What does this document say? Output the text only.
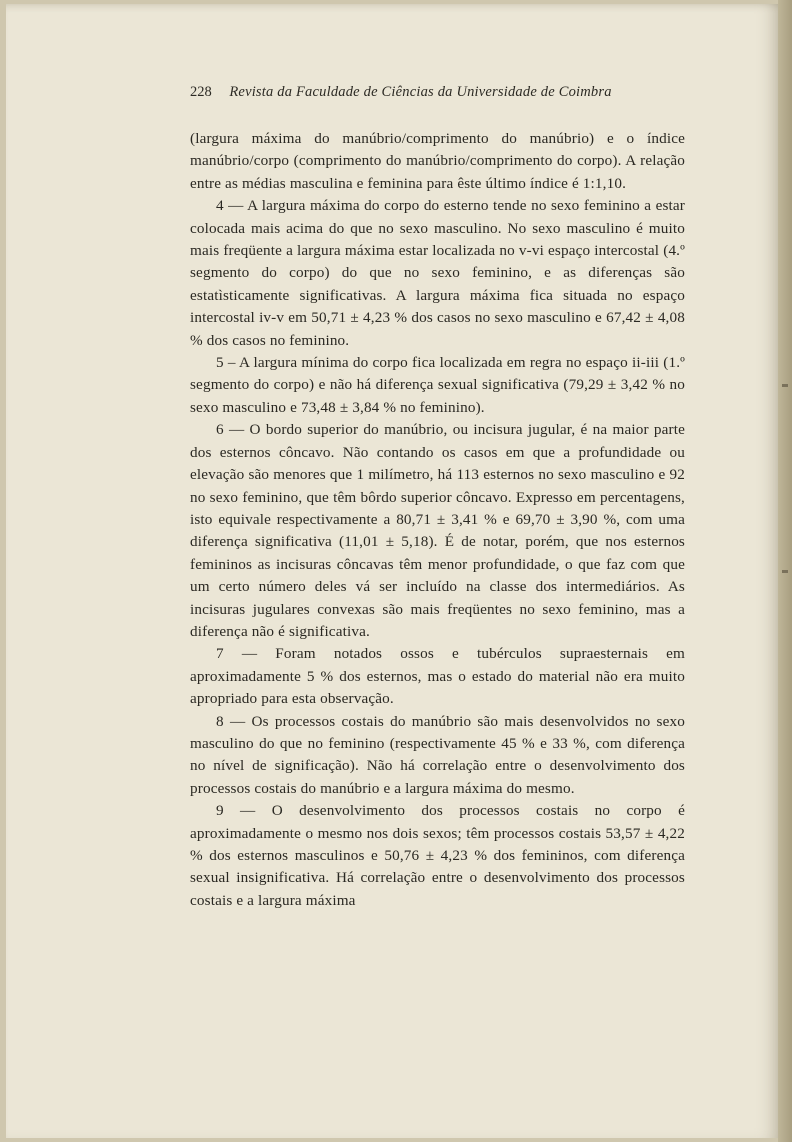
228 Revista da Faculdade de Ciências da Universidade de Coimbra

(largura máxima do manúbrio/comprimento do manúbrio) e o índice manúbrio/corpo (comprimento do manúbrio/comprimento do corpo). A relação entre as médias masculina e feminina para êste último índice é 1:1,10.

4 — A largura máxima do corpo do esterno tende no sexo feminino a estar colocada mais acima do que no sexo masculino. No sexo masculino é muito mais freqüente a largura máxima estar localizada no v-vi espaço intercostal (4.º segmento do corpo) do que no sexo feminino, e as diferenças são estatìsticamente significativas. A largura máxima fica situada no espaço intercostal iv-v em 50,71 ± 4,23 % dos casos no sexo masculino e 67,42 ± 4,08 % dos casos no feminino.

5 – A largura mínima do corpo fica localizada em regra no espaço ii-iii (1.º segmento do corpo) e não há diferença sexual significativa (79,29 ± 3,42 % no sexo masculino e 73,48 ± 3,84 % no feminino).

6 — O bordo superior do manúbrio, ou incisura jugular, é na maior parte dos esternos côncavo. Não contando os casos em que a profundidade ou elevação são menores que 1 milímetro, há 113 esternos no sexo masculino e 92 no sexo feminino, que têm bôrdo superior côncavo. Expresso em percentagens, isto equivale respectivamente a 80,71 ± 3,41 % e 69,70 ± 3,90 %, com uma diferença significativa (11,01 ± 5,18). É de notar, porém, que nos esternos femininos as incisuras côncavas têm menor profundidade, o que faz com que um certo número deles vá ser incluído na classe dos intermediários. As incisuras jugulares convexas são mais freqüentes no sexo feminino, mas a diferença não é significativa.

7 — Foram notados ossos e tubérculos supraesternais em aproximadamente 5 % dos esternos, mas o estado do material não era muito apropriado para esta observação.

8 — Os processos costais do manúbrio são mais desenvolvidos no sexo masculino do que no feminino (respectivamente 45 % e 33 %, com diferença no nível de significação). Não há correlação entre o desenvolvimento dos processos costais do manúbrio e a largura máxima do mesmo.

9 — O desenvolvimento dos processos costais no corpo é aproximadamente o mesmo nos dois sexos; têm processos costais 53,57 ± 4,22 % dos esternos masculinos e 50,76 ± 4,23 % dos femininos, com diferença sexual insignificativa. Há correlação entre o desenvolvimento dos processos costais e a largura máxima
